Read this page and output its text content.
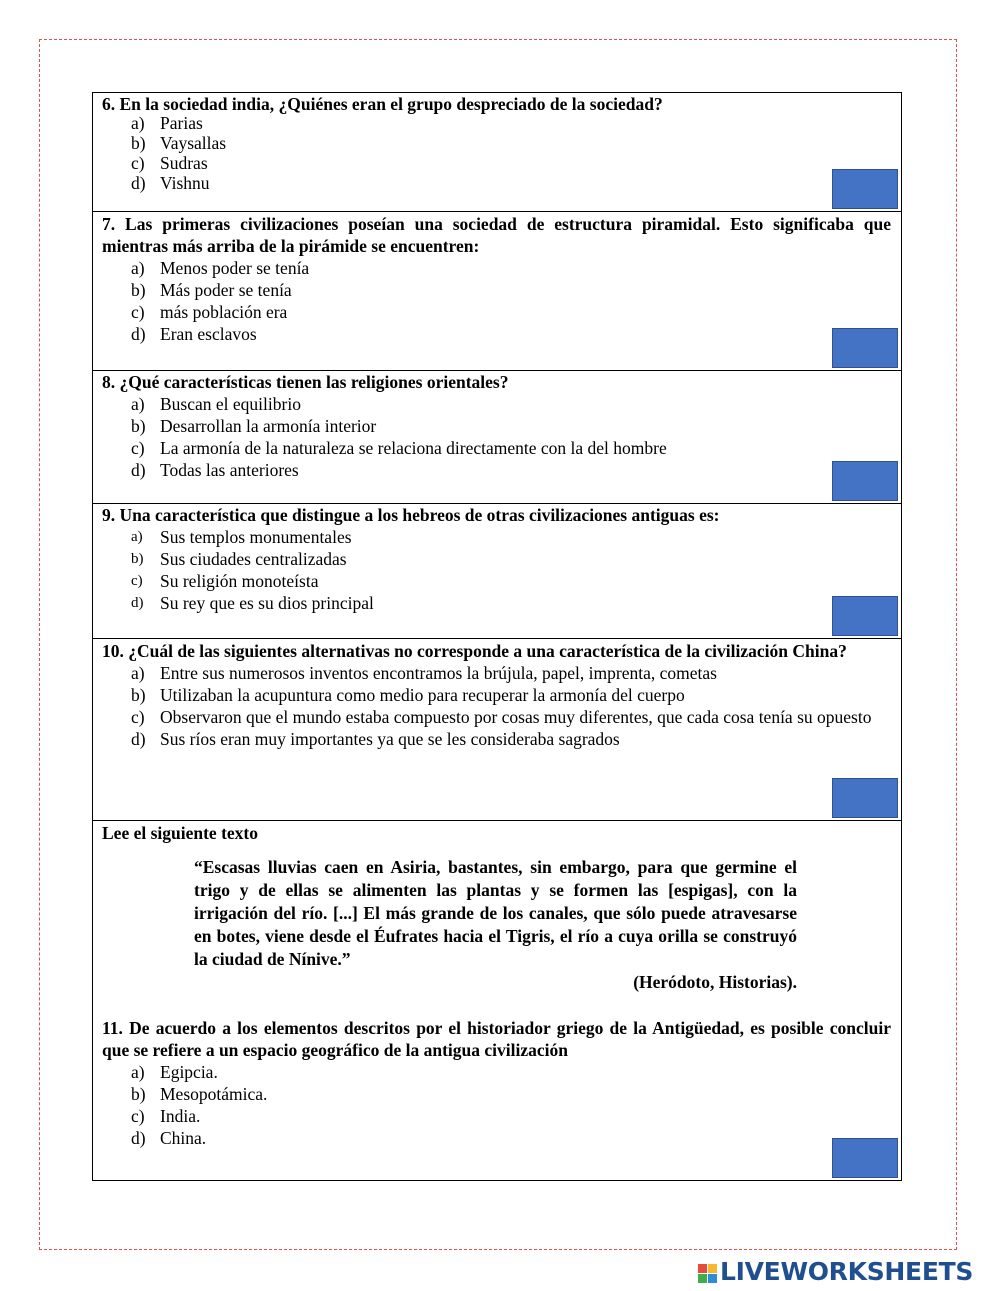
6. En la sociedad india, ¿Quiénes eran el grupo despreciado de la sociedad?

a) Parias
b) Vaysallas
c) Sudras
d) Vishnu

7. Las primeras civilizaciones poseían una sociedad de estructura piramidal. Esto significaba que mientras más arriba de la pirámide se encuentren:

a) Menos poder se tenía
b) Más poder se tenía
c) más población era
d) Eran esclavos

8. ¿Qué características tienen las religiones orientales?

a) Buscan el equilibrio
b) Desarrollan la armonía interior
c) La armonía de la naturaleza se relaciona directamente con la del hombre
d) Todas las anteriores

9. Una característica que distingue a los hebreos de otras civilizaciones antiguas es:

a) Sus templos monumentales
b) Sus ciudades centralizadas
c) Su religión monoteísta
d) Su rey que es su dios principal

10. ¿Cuál de las siguientes alternativas no corresponde a una característica de la civilización China?

a) Entre sus numerosos inventos encontramos la brújula, papel, imprenta, cometas
b) Utilizaban la acupuntura como medio para recuperar la armonía del cuerpo
c) Observaron que el mundo estaba compuesto por cosas muy diferentes, que cada cosa tenía su opuesto
d) Sus ríos eran muy importantes ya que se les consideraba sagrados

Lee el siguiente texto

“Escasas lluvias caen en Asiria, bastantes, sin embargo, para que germine el trigo y de ellas se alimenten las plantas y se formen las [espigas], con la irrigación del río. [...] El más grande de los canales, que sólo puede atravesarse en botes, viene desde el Éufrates hacia el Tigris, el río a cuya orilla se construyó la ciudad de Nínive.”

(Heródoto, Historias).

11. De acuerdo a los elementos descritos por el historiador griego de la Antigüedad, es posible concluir que se refiere a un espacio geográfico de la antigua civilización

a) Egipcia.
b) Mesopotámica.
c) India.
d) China.
LIVEWORKSHEETS
